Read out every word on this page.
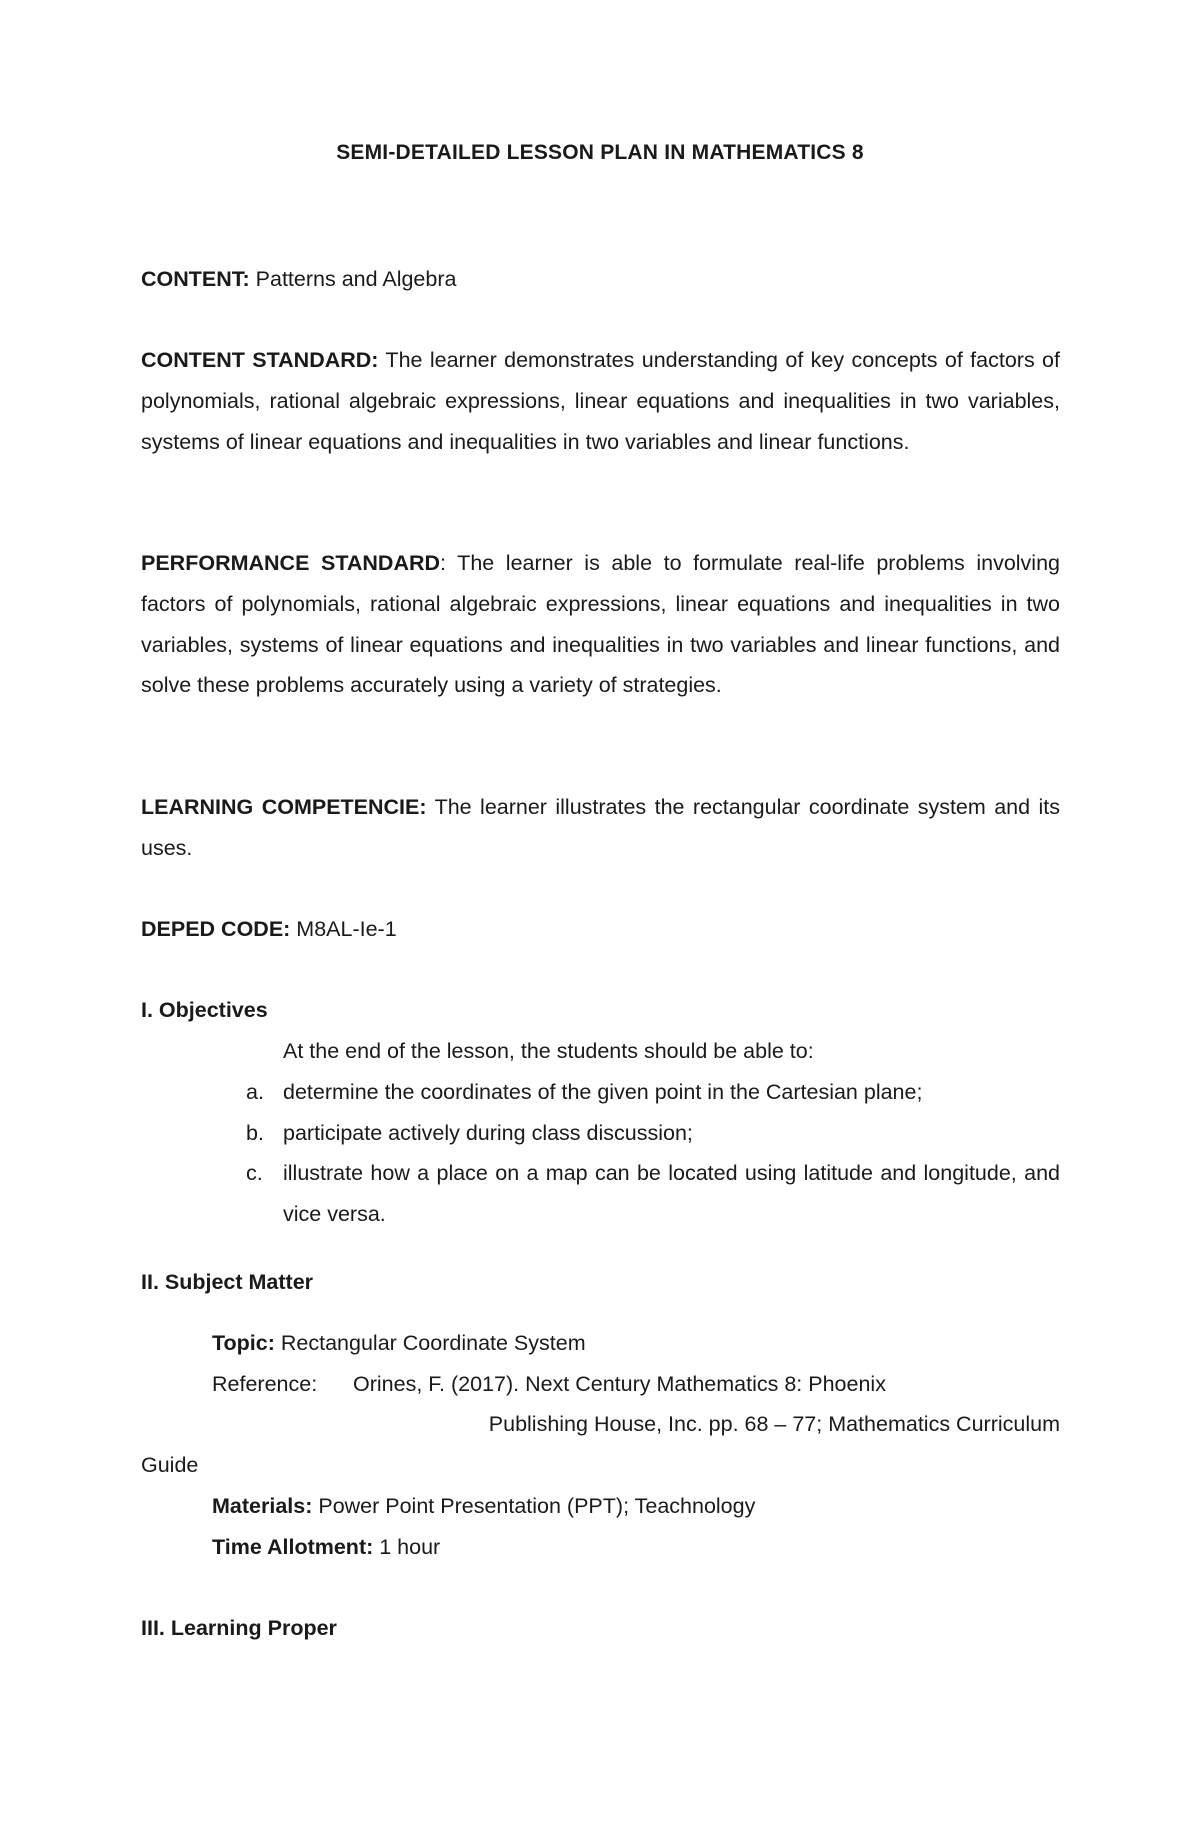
SEMI-DETAILED LESSON PLAN IN MATHEMATICS 8
CONTENT: Patterns and Algebra
CONTENT STANDARD: The learner demonstrates understanding of key concepts of factors of polynomials, rational algebraic expressions, linear equations and inequalities in two variables, systems of linear equations and inequalities in two variables and linear functions.
PERFORMANCE STANDARD: The learner is able to formulate real-life problems involving factors of polynomials, rational algebraic expressions, linear equations and inequalities in two variables, systems of linear equations and inequalities in two variables and linear functions, and solve these problems accurately using a variety of strategies.
LEARNING COMPETENCIE: The learner illustrates the rectangular coordinate system and its uses.
DEPED CODE: M8AL-Ie-1
I. Objectives
At the end of the lesson, the students should be able to:
a. determine the coordinates of the given point in the Cartesian plane;
b. participate actively during class discussion;
c. illustrate how a place on a map can be located using latitude and longitude, and vice versa.
II. Subject Matter
Topic: Rectangular Coordinate System
Reference: Orines, F. (2017). Next Century Mathematics 8: Phoenix
Publishing House, Inc. pp. 68 – 77; Mathematics Curriculum
Guide
Materials: Power Point Presentation (PPT); Teachnology
Time Allotment: 1 hour
III. Learning Proper
